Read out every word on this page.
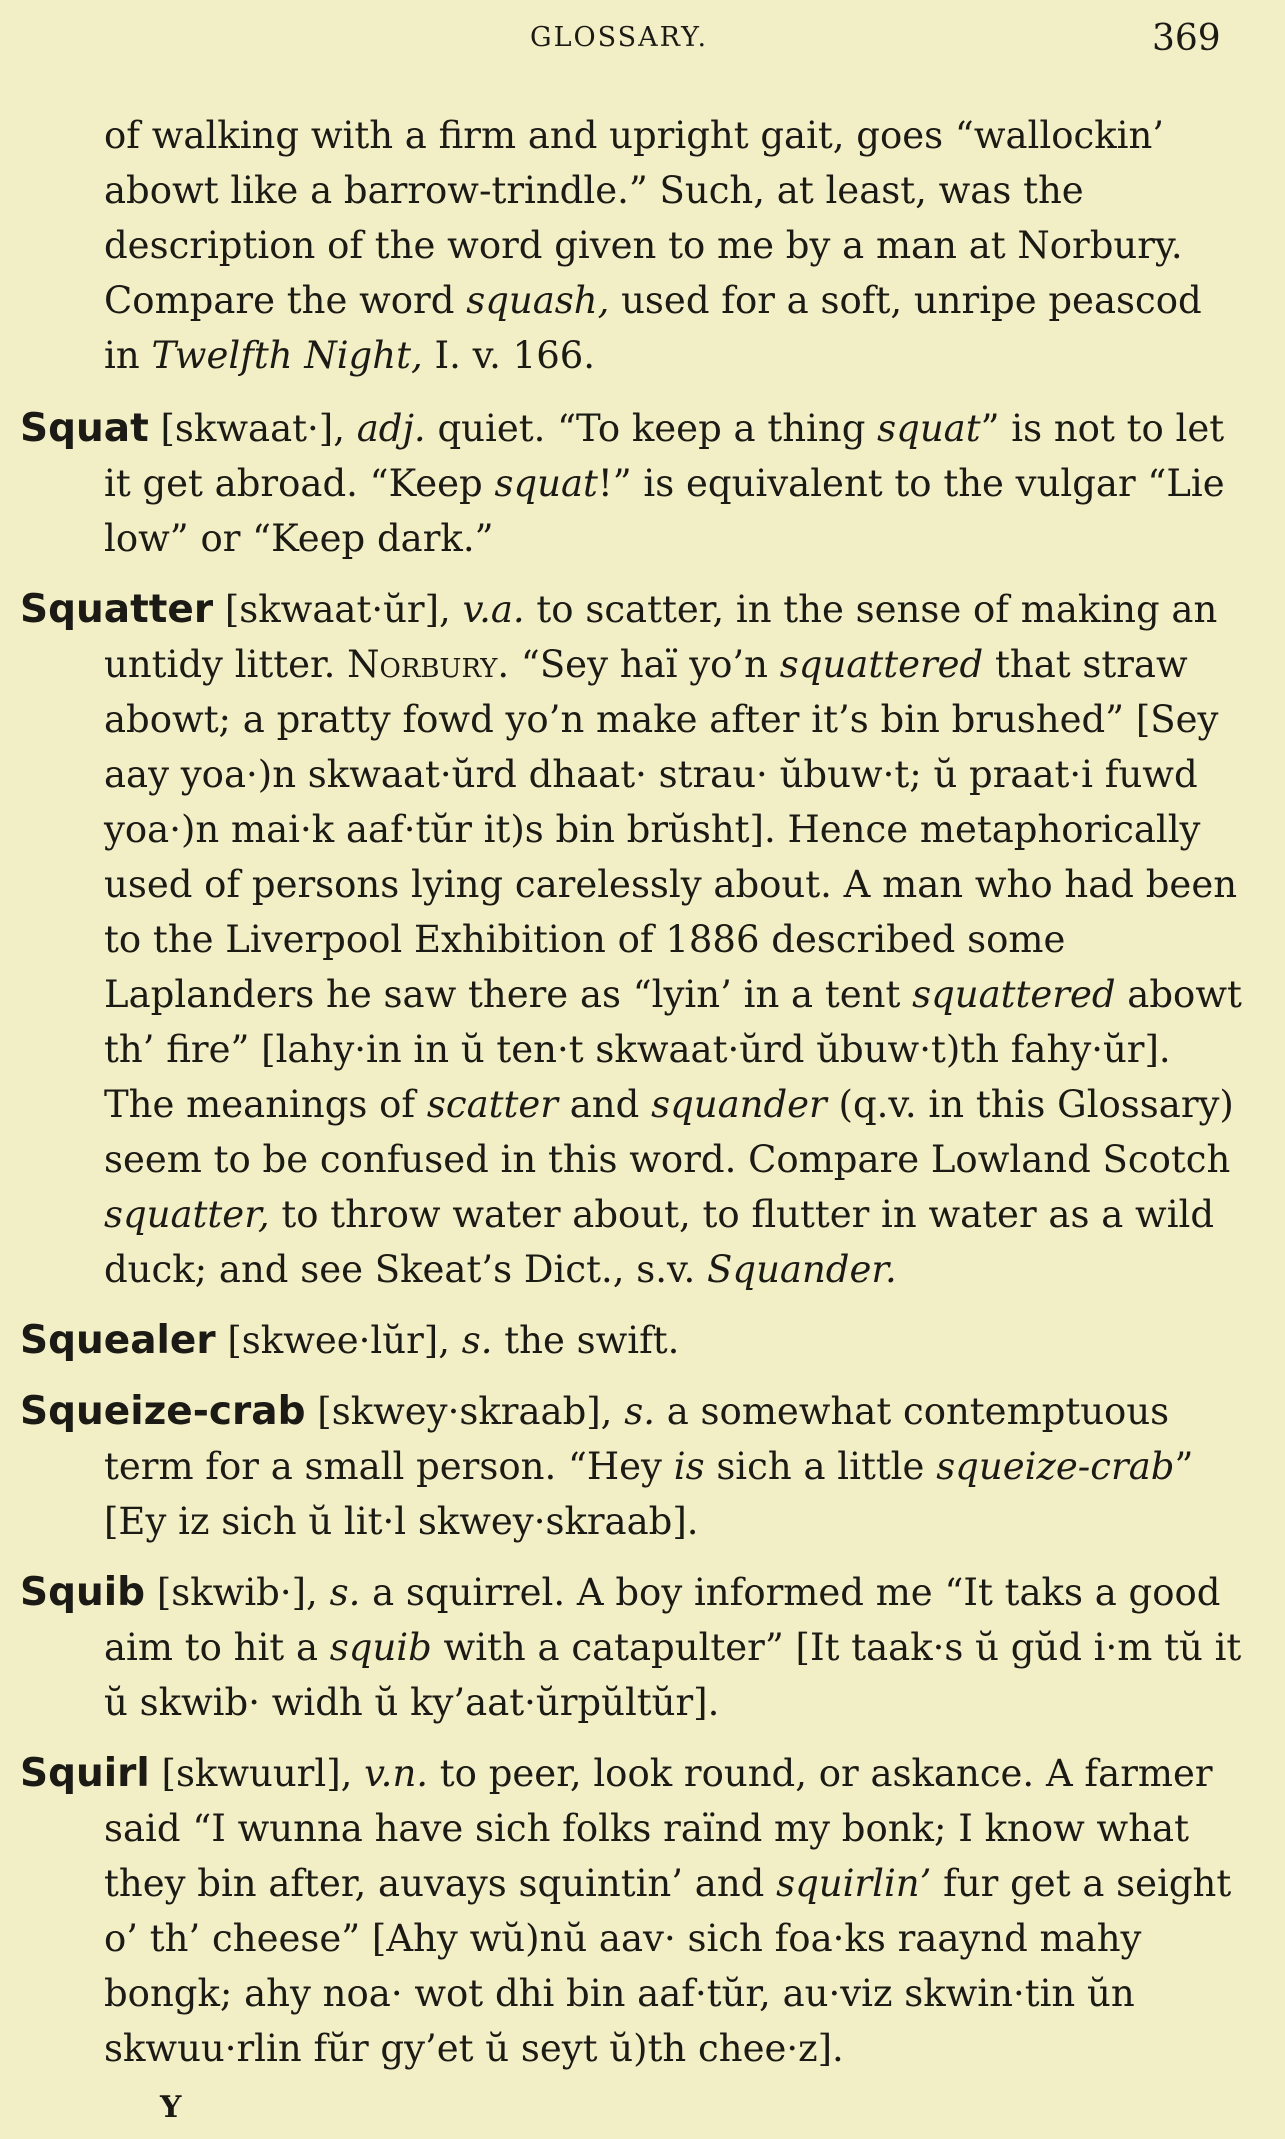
GLOSSARY.	369

of walking with a firm and upright gait, goes “wallockin’ abowt like a barrow-trindle.” Such, at least, was the description of the word given to me by a man at Norbury. Compare the word squash, used for a soft, unripe peascod in Twelfth Night, I. v. 166.

Squat [skwaat·], adj. quiet. “To keep a thing squat” is not to let it get abroad. “Keep squat!” is equivalent to the vulgar “Lie low” or “Keep dark.”

Squatter [skwaat·ŭr], v.a. to scatter, in the sense of making an untidy litter. Norbury. “Sey haï yo’n squattered that straw abowt; a pratty fowd yo’n make after it’s bin brushed” [Sey aay yoa·)n skwaat·ŭrd dhaat· strau· ŭbuw·t; ŭ praat·i fuwd yoa·)n mai·k aaf·tŭr it)s bin brŭsht]. Hence metaphorically used of persons lying carelessly about. A man who had been to the Liverpool Exhibition of 1886 described some Laplanders he saw there as “lyin’ in a tent squattered abowt th’ fire” [lahy·in in ŭ ten·t skwaat·ŭrd ŭbuw·t)th fahy·ŭr]. The meanings of scatter and squander (q.v. in this Glossary) seem to be confused in this word. Compare Lowland Scotch squatter, to throw water about, to flutter in water as a wild duck; and see Skeat’s Dict., s.v. Squander.

Squealer [skwee·lŭr], s. the swift.

Squeize-crab [skwey·skraab], s. a somewhat contemptuous term for a small person. “Hey is sich a little squeize-crab” [Ey iz sich ŭ lit·l skwey·skraab].

Squib [skwib·], s. a squirrel. A boy informed me “It taks a good aim to hit a squib with a catapulter” [It taak·s ŭ gŭd i·m tŭ it ŭ skwib· widh ŭ ky’aat·ŭrpŭltŭr].

Squirl [skwuurl], v.n. to peer, look round, or askance. A farmer said “I wunna have sich folks raïnd my bonk; I know what they bin after, auvays squintin’ and squirlin’ fur get a seight o’ th’ cheese” [Ahy wŭ)nŭ aav· sich foa·ks raaynd mahy bongk; ahy noa· wot dhi bin aaf·tŭr, au·viz skwin·tin ŭn skwuu·rlin fŭr gy’et ŭ seyt ŭ)th chee·z].

Y
